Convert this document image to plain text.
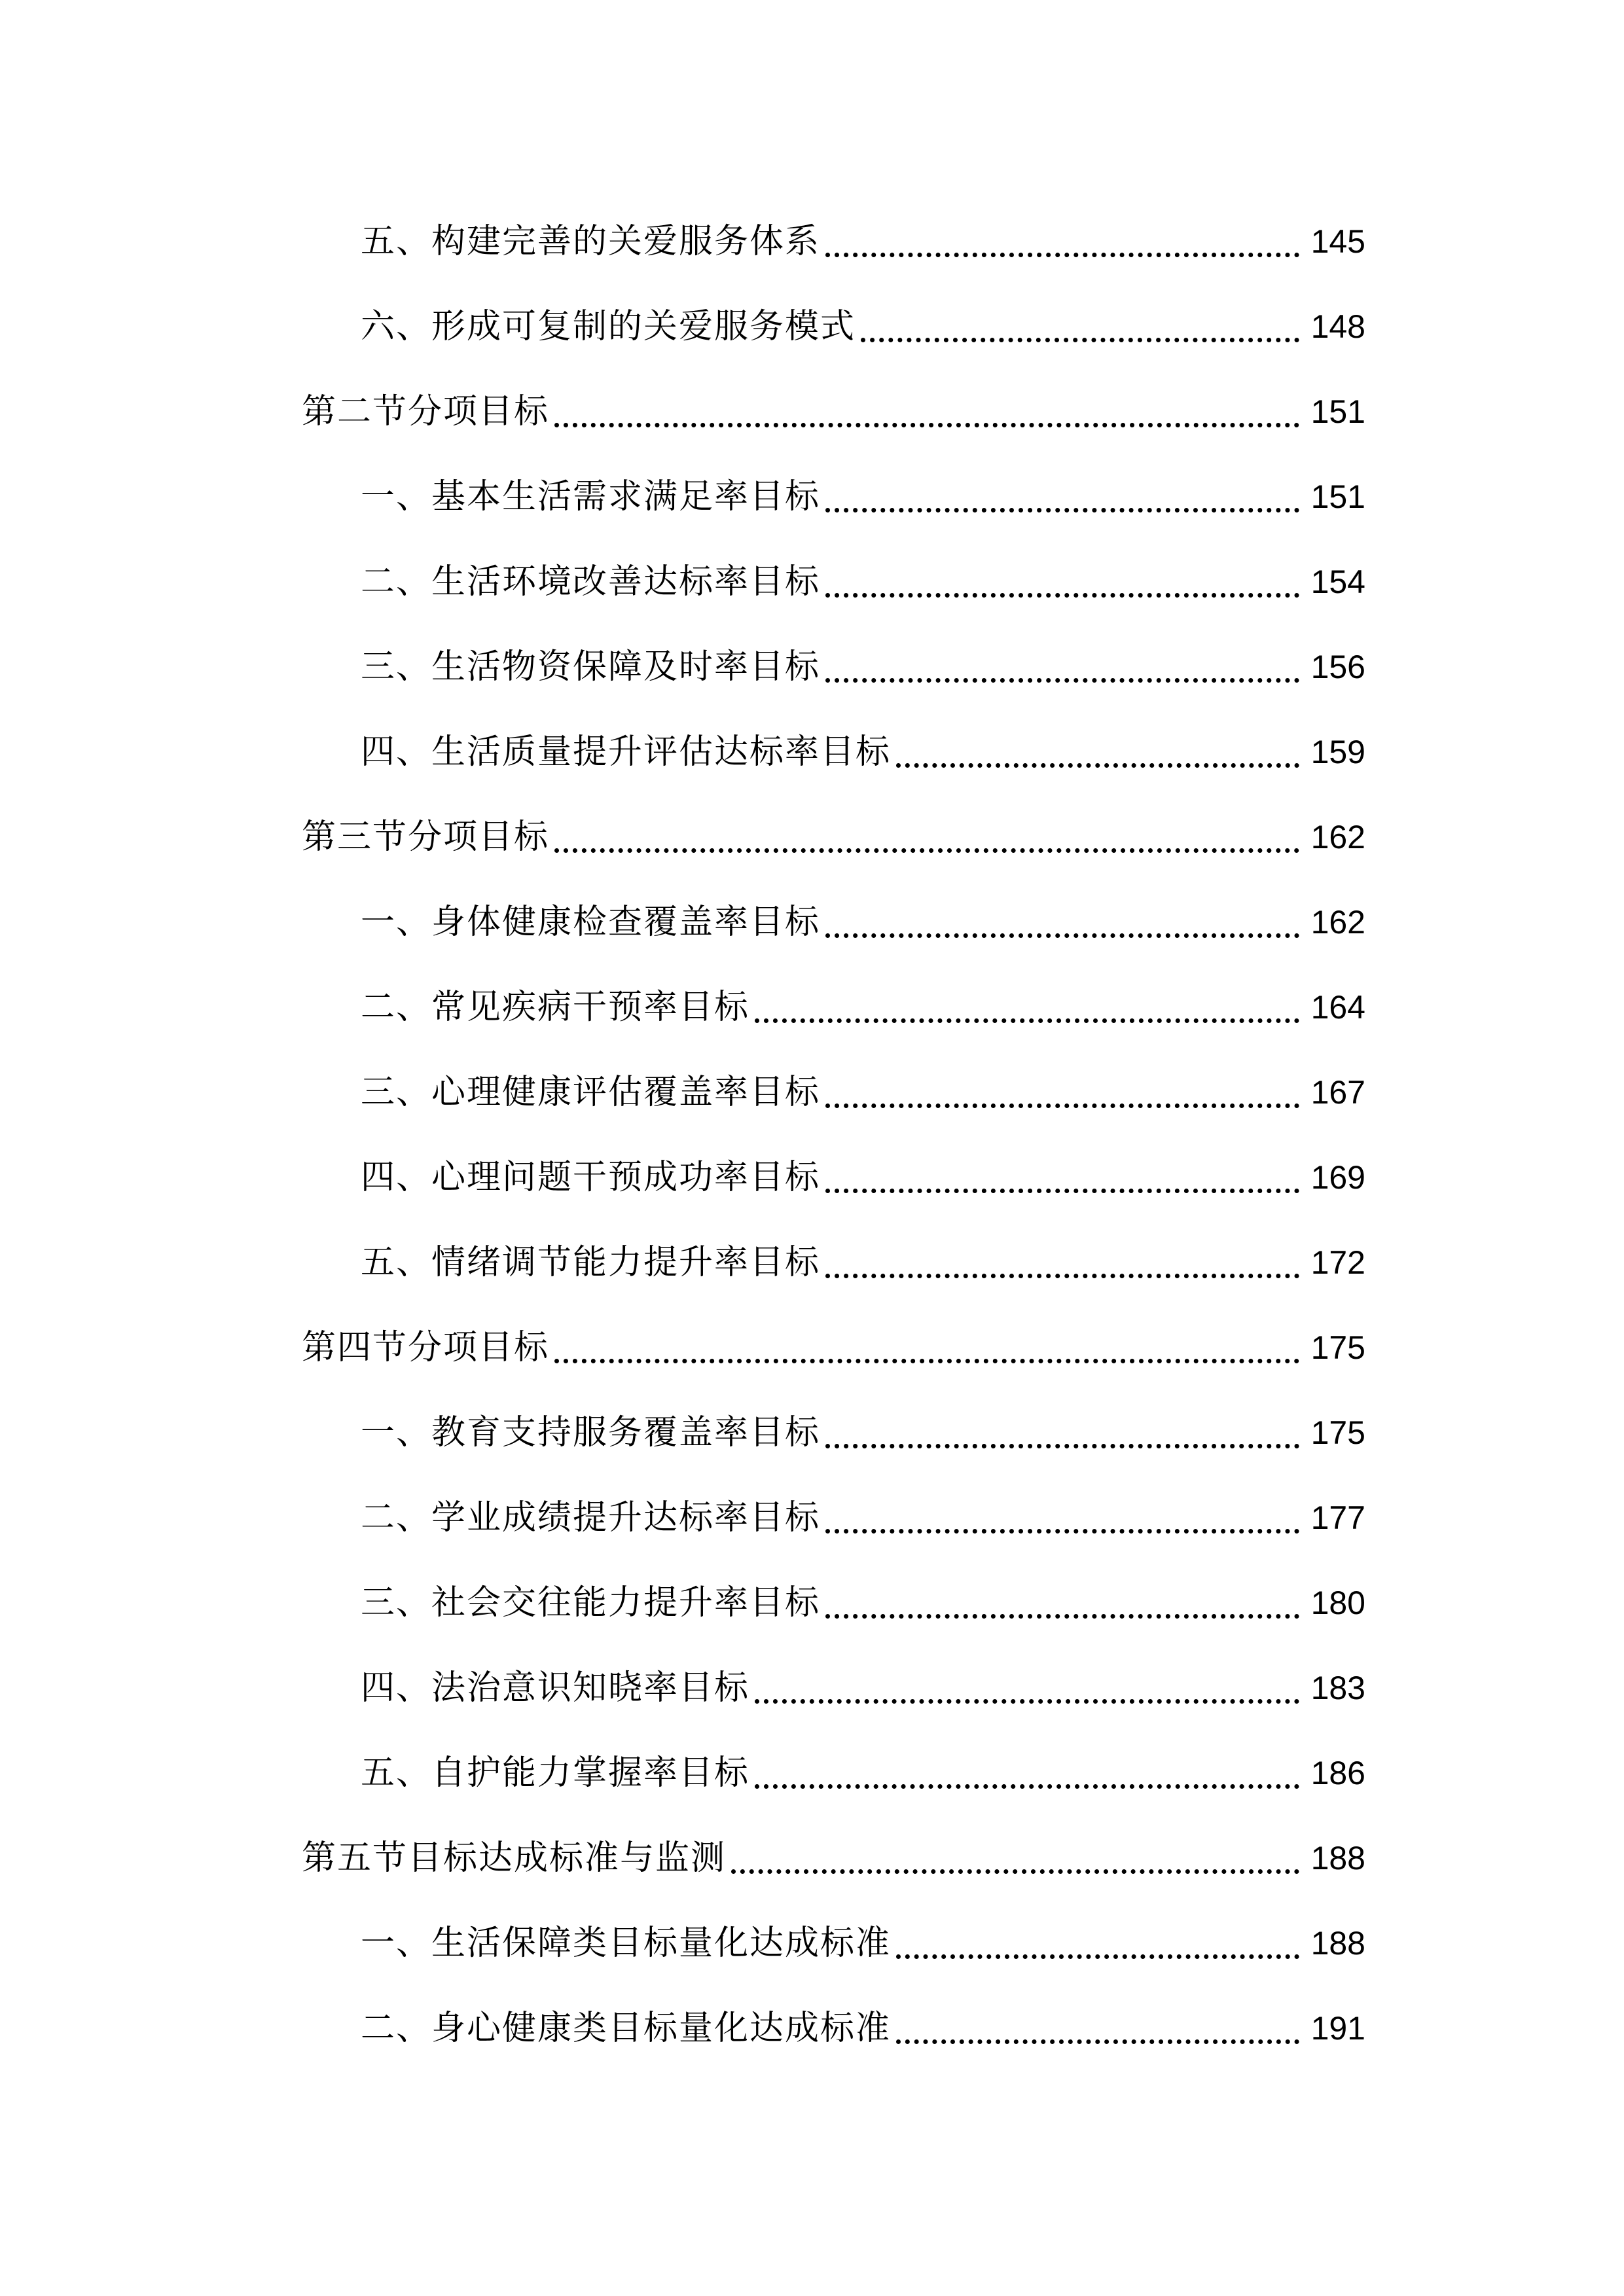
五、构建完善的关爱服务体系	145
六、形成可复制的关爱服务模式	148
第二节分项目标	151
一、基本生活需求满足率目标	151
二、生活环境改善达标率目标	154
三、生活物资保障及时率目标	156
四、生活质量提升评估达标率目标	159
第三节分项目标	162
一、身体健康检查覆盖率目标	162
二、常见疾病干预率目标	164
三、心理健康评估覆盖率目标	167
四、心理问题干预成功率目标	169
五、情绪调节能力提升率目标	172
第四节分项目标	175
一、教育支持服务覆盖率目标	175
二、学业成绩提升达标率目标	177
三、社会交往能力提升率目标	180
四、法治意识知晓率目标	183
五、自护能力掌握率目标	186
第五节目标达成标准与监测	188
一、生活保障类目标量化达成标准	188
二、身心健康类目标量化达成标准	191
